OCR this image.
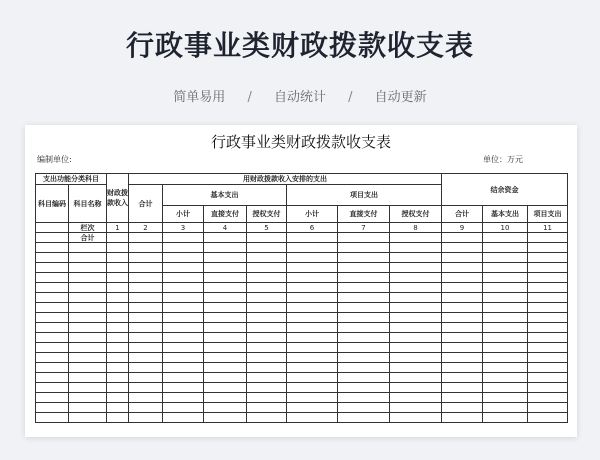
行政事业类财政拨款收支表
简单易用 / 自动统计 / 自动更新
行政事业类财政拨款收支表
编制单位:	单位：万元
支出功能分类科目		财政拨款收入	用财政拨款收入安排的支出							结余资金		
科目编码	科目名称		合计	基本支出			项目支出					
				小计	直接支付	授权支付	小计	直接支付	授权支付	合计	基本支出	项目支出
	栏次	1	2	3	4	5	6	7	8	9	10	11
	合计											
